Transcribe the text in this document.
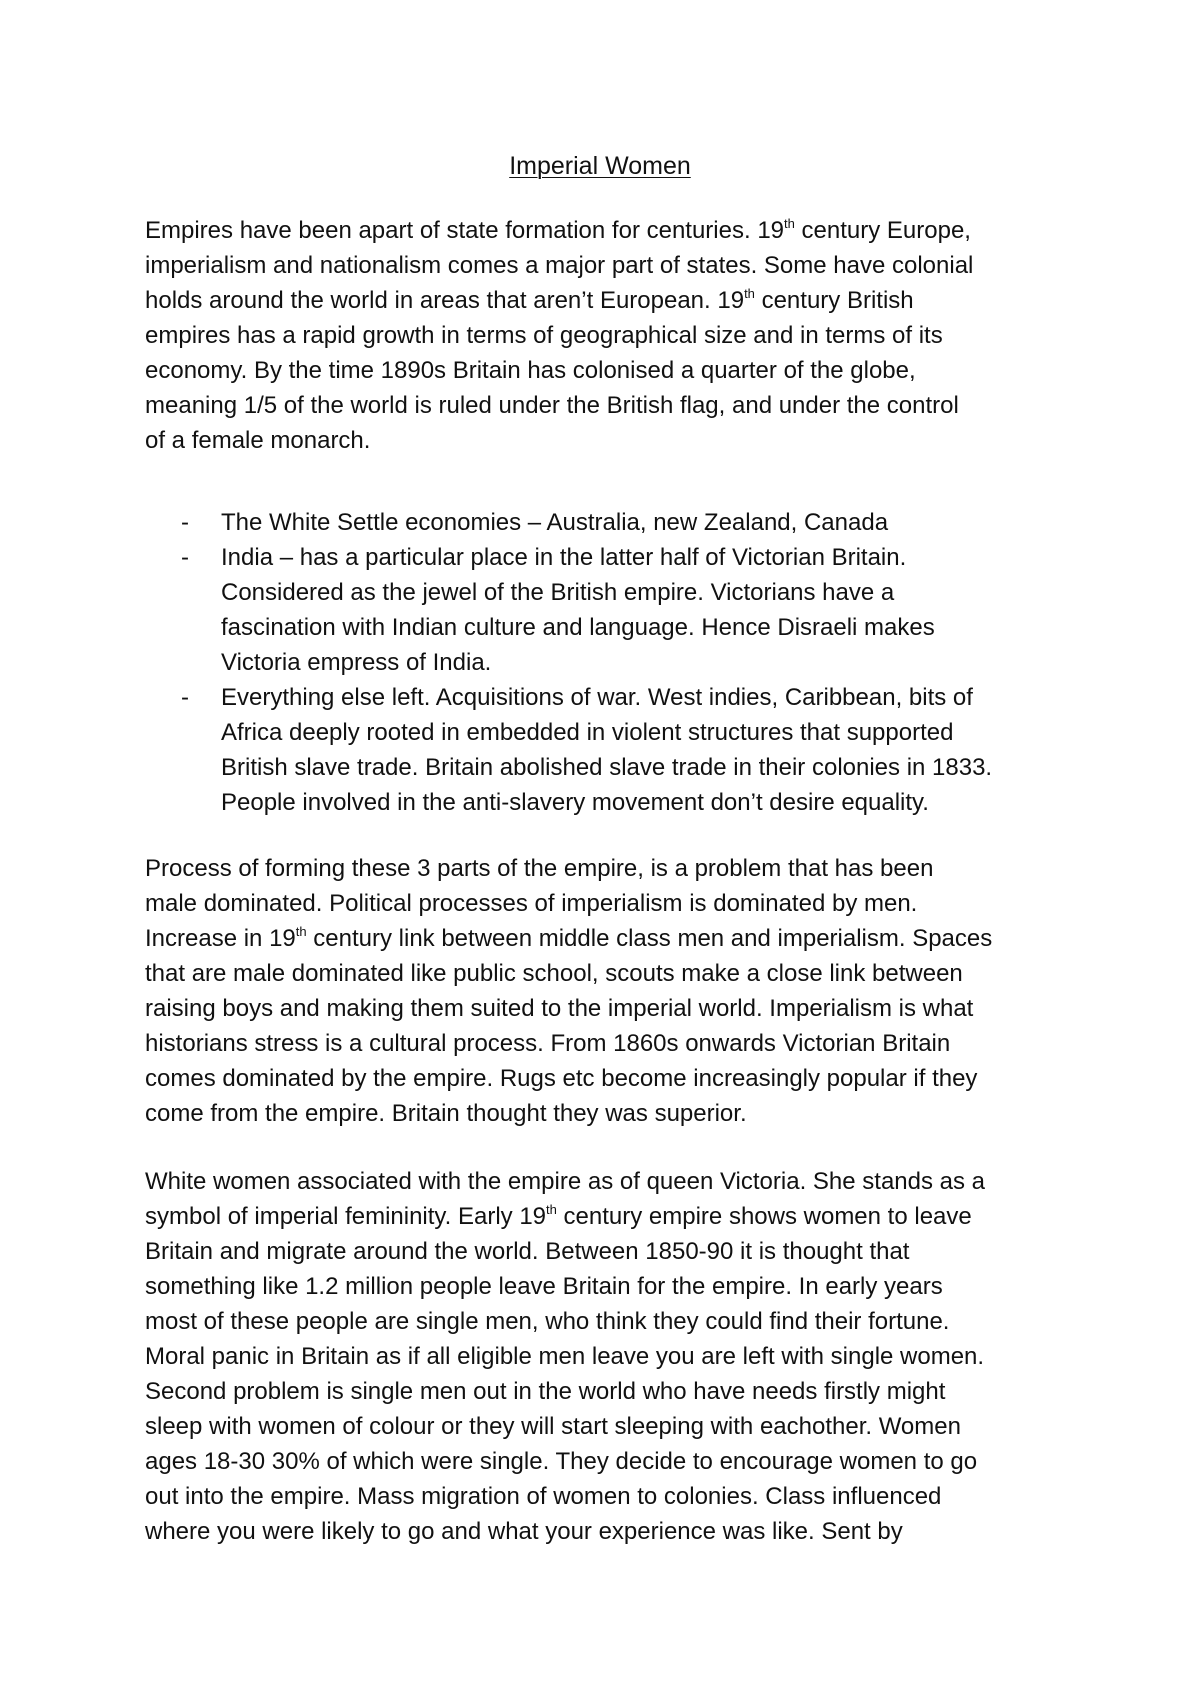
Imperial Women

Empires have been apart of state formation for centuries. 19th century Europe,
imperialism and nationalism comes a major part of states. Some have colonial
holds around the world in areas that aren’t European. 19th century British
empires has a rapid growth in terms of geographical size and in terms of its
economy. By the time 1890s Britain has colonised a quarter of the globe,
meaning 1/5 of the world is ruled under the British flag, and under the control
of a female monarch.

- The White Settle economies – Australia, new Zealand, Canada
- India – has a particular place in the latter half of Victorian Britain.
Considered as the jewel of the British empire. Victorians have a
fascination with Indian culture and language. Hence Disraeli makes
Victoria empress of India.
- Everything else left. Acquisitions of war. West indies, Caribbean, bits of
Africa deeply rooted in embedded in violent structures that supported
British slave trade. Britain abolished slave trade in their colonies in 1833.
People involved in the anti-slavery movement don’t desire equality.

Process of forming these 3 parts of the empire, is a problem that has been
male dominated. Political processes of imperialism is dominated by men.
Increase in 19th century link between middle class men and imperialism. Spaces
that are male dominated like public school, scouts make a close link between
raising boys and making them suited to the imperial world. Imperialism is what
historians stress is a cultural process. From 1860s onwards Victorian Britain
comes dominated by the empire. Rugs etc become increasingly popular if they
come from the empire. Britain thought they was superior.

White women associated with the empire as of queen Victoria. She stands as a
symbol of imperial femininity. Early 19th century empire shows women to leave
Britain and migrate around the world. Between 1850-90 it is thought that
something like 1.2 million people leave Britain for the empire. In early years
most of these people are single men, who think they could find their fortune.
Moral panic in Britain as if all eligible men leave you are left with single women.
Second problem is single men out in the world who have needs firstly might
sleep with women of colour or they will start sleeping with eachother. Women
ages 18-30 30% of which were single. They decide to encourage women to go
out into the empire. Mass migration of women to colonies. Class influenced
where you were likely to go and what your experience was like. Sent by
